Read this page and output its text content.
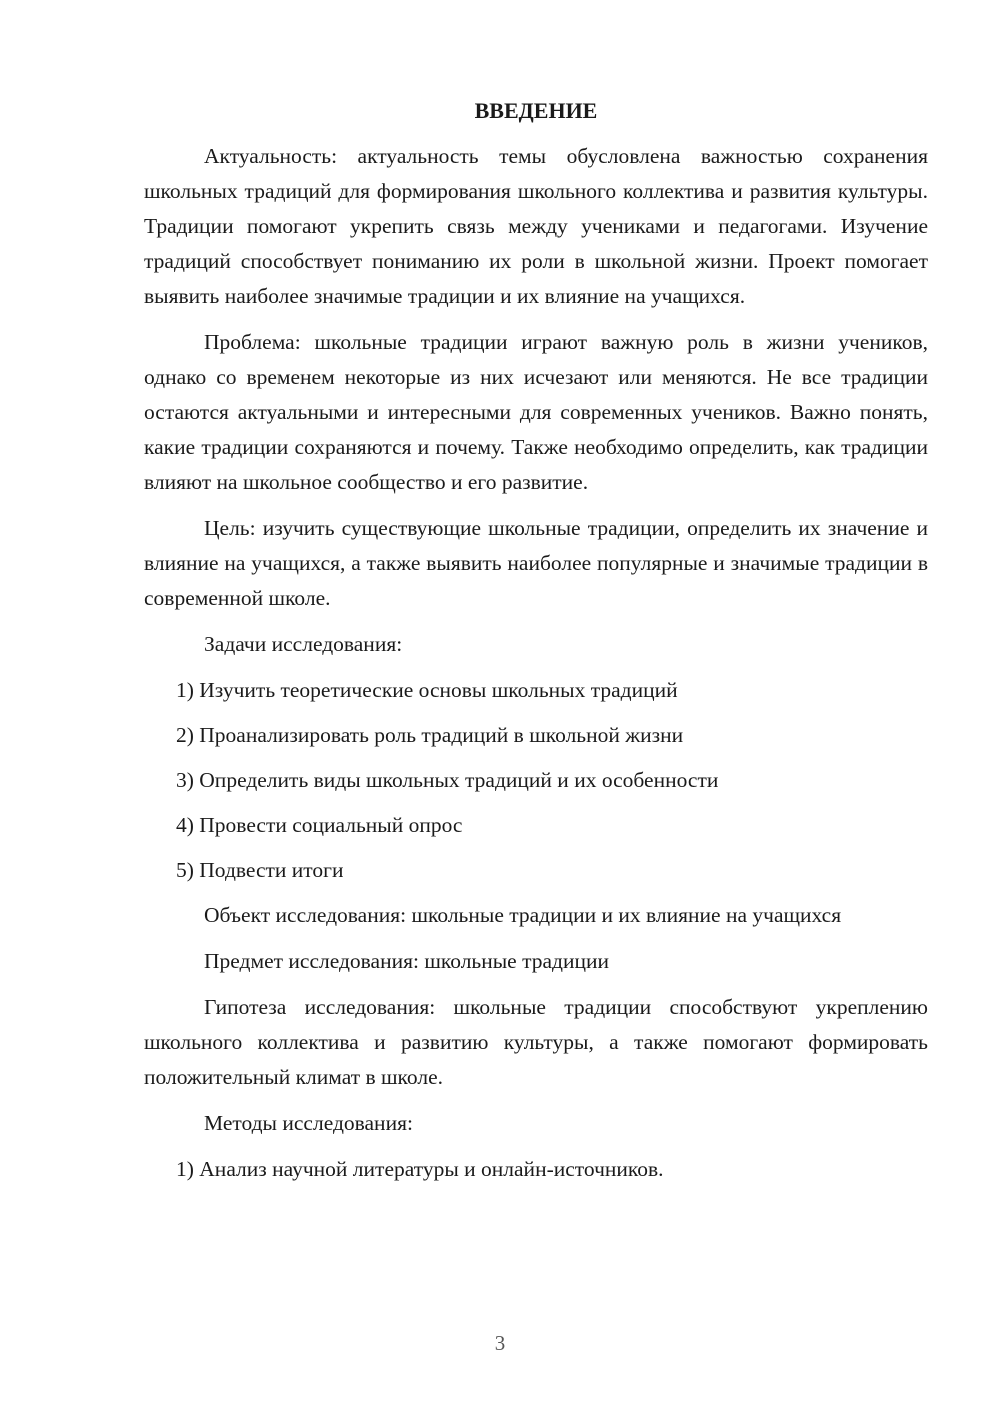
ВВЕДЕНИЕ

Актуальность: актуальность темы обусловлена важностью сохранения школьных традиций для формирования школьного коллектива и развития культуры. Традиции помогают укрепить связь между учениками и педагогами. Изучение традиций способствует пониманию их роли в школьной жизни. Проект помогает выявить наиболее значимые традиции и их влияние на учащихся.

Проблема: школьные традиции играют важную роль в жизни учеников, однако со временем некоторые из них исчезают или меняются. Не все традиции остаются актуальными и интересными для современных учеников. Важно понять, какие традиции сохраняются и почему. Также необходимо определить, как традиции влияют на школьное сообщество и его развитие.

Цель: изучить существующие школьные традиции, определить их значение и влияние на учащихся, а также выявить наиболее популярные и значимые традиции в современной школе.

Задачи исследования:

1) Изучить теоретические основы школьных традиций
2) Проанализировать роль традиций в школьной жизни
3) Определить виды школьных традиций и их особенности
4) Провести социальный опрос
5) Подвести итоги

Объект исследования: школьные традиции и их влияние на учащихся

Предмет исследования: школьные традиции

Гипотеза исследования: школьные традиции способствуют укреплению школьного коллектива и развитию культуры, а также помогают формировать положительный климат в школе.

Методы исследования:

1) Анализ научной литературы и онлайн-источников.
3
